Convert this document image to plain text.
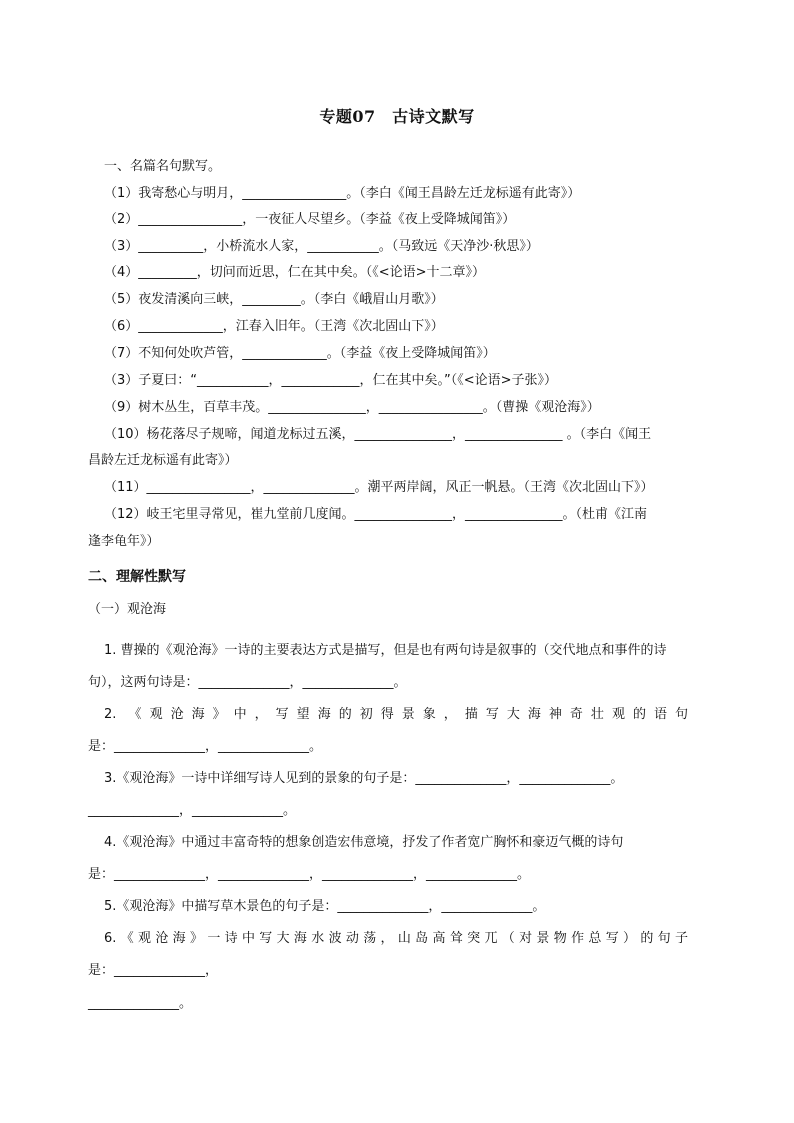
专题07　古诗文默写
一、名篇名句默写。
（1）我寄愁心与明月，________________。（李白《闻王昌龄左迁龙标遥有此寄》）
（2）________________，一夜征人尽望乡。（李益《夜上受降城闻笛》）
（3）__________，小桥流水人家，___________。（马致远《天净沙·秋思》）
（4）_________，切问而近思，仁在其中矣。（《<论语>十二章》）
（5）夜发清溪向三峡，_________。（李白《峨眉山月歌》）
（6）_____________，江春入旧年。（王湾《次北固山下》）
（7）不知何处吹芦管，_____________。（李益《夜上受降城闻笛》）
（3）子夏曰：“___________，____________，仁在其中矣。”（《<论语>子张》）
（9）树木丛生，百草丰茂。_______________，________________。（曹操《观沧海》）
（10）杨花落尽子规啼，闻道龙标过五溪，_______________，_______________ 。（李白《闻王
昌龄左迁龙标遥有此寄》）
（11）________________，______________。潮平两岸阔，风正一帆悬。（王湾《次北固山下》）
（12）岐王宅里寻常见，崔九堂前几度闻。_______________，_______________。（杜甫《江南
逢李龟年》）
二、理解性默写
（一）观沧海
1. 曹操的《观沧海》一诗的主要表达方式是描写，但是也有两句诗是叙事的（交代地点和事件的诗
句），这两句诗是：______________，______________。
2. 《观沧海》中，写望海的初得景象，描写大海神奇壮观的语句
是：______________，______________。
3.《观沧海》一诗中详细写诗人见到的景象的句子是：______________，______________。
______________，______________。
4.《观沧海》中通过丰富奇特的想象创造宏伟意境，抒发了作者宽广胸怀和豪迈气概的诗句
是：______________，______________，______________，______________。
5.《观沧海》中描写草木景色的句子是：______________，______________。
6.《观沧海》一诗中写大海水波动荡，山岛高耸突兀（对景物作总写）的句子
是：______________，
______________。
